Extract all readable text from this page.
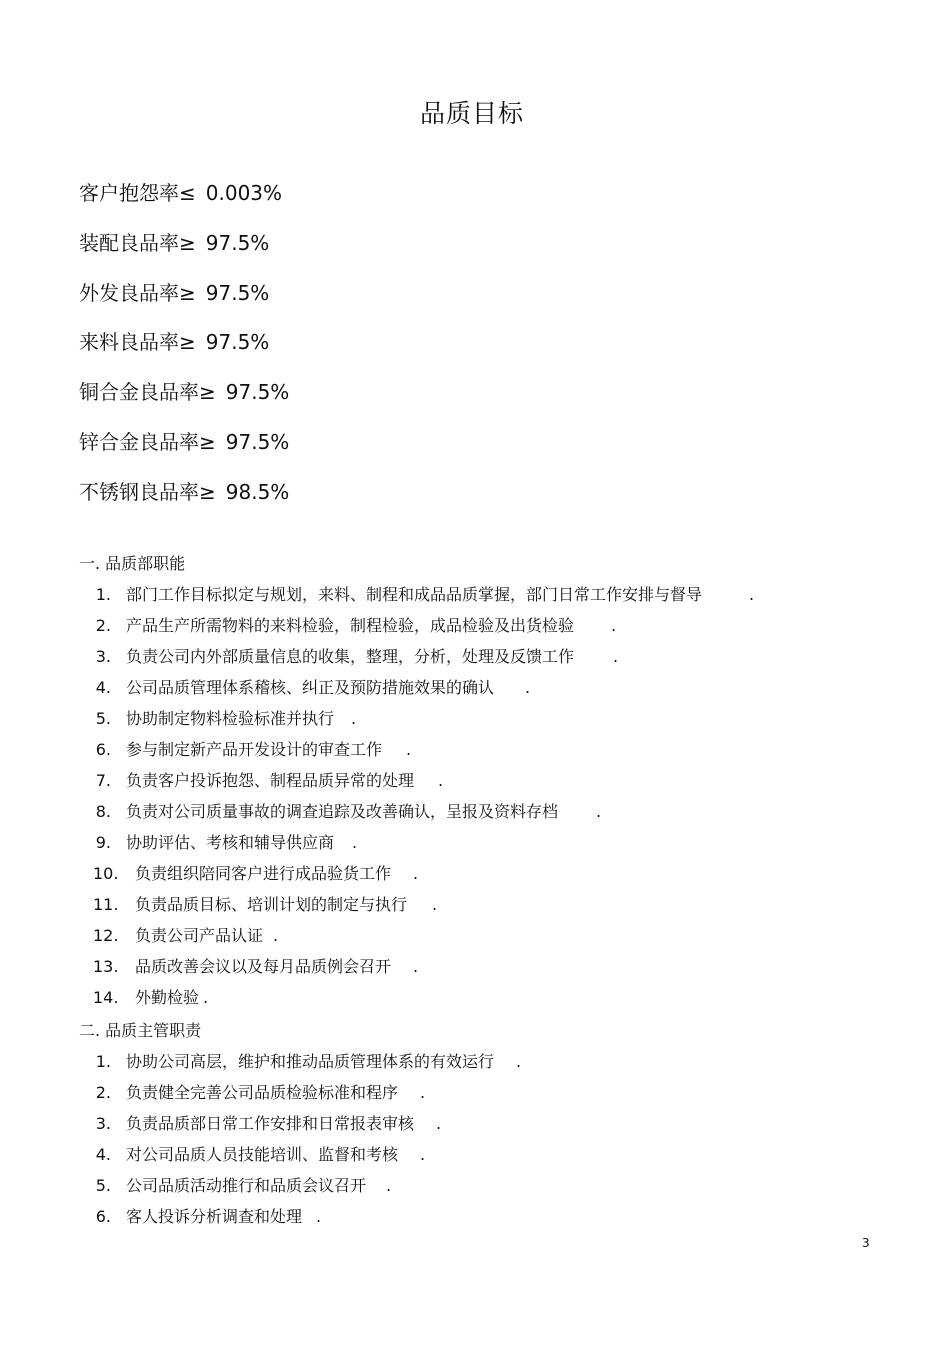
品质目标
客户抱怨率≤ 0.003%
装配良品率≥ 97.5%
外发良品率≥ 97.5%
来料良品率≥ 97.5%
铜合金良品率≥ 97.5%
锌合金良品率≥ 97.5%
不锈钢良品率≥ 98.5%
一. 品质部职能
1. 部门工作目标拟定与规划，来料、制程和成品品质掌握，部门日常工作安排与督导	.
2. 产品生产所需物料的来料检验，制程检验，成品检验及出货检验 .
3. 负责公司内外部质量信息的收集，整理，分析，处理及反馈工作 .
4. 公司品质管理体系稽核、纠正及预防措施效果的确认 .
5. 协助制定物料检验标准并执行 .
6. 参与制定新产品开发设计的审查工作 .
7. 负责客户投诉抱怨、制程品质异常的处理 .
8. 负责对公司质量事故的调查追踪及改善确认，呈报及资料存档 .
9. 协助评估、考核和辅导供应商 .
10. 负责组织陪同客户进行成品验货工作 .
11. 负责品质目标、培训计划的制定与执行 .
12. 负责公司产品认证 .
13. 品质改善会议以及每月品质例会召开 .
14. 外勤检验 .
二. 品质主管职责
1. 协助公司高层，维护和推动品质管理体系的有效运行 .
2. 负责健全完善公司品质检验标准和程序 .
3. 负责品质部日常工作安排和日常报表审核 .
4. 对公司品质人员技能培训、监督和考核 .
5. 公司品质活动推行和品质会议召开 .
6. 客人投诉分析调查和处理 .
3
